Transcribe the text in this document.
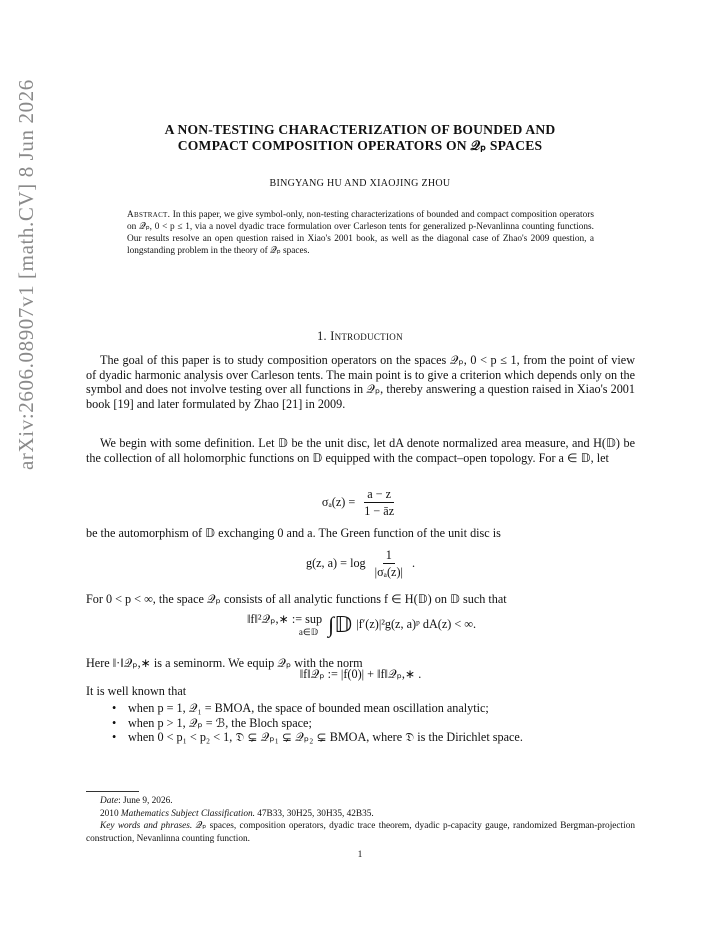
arXiv:2606.08907v1 [math.CV] 8 Jun 2026	A NON-TESTING CHARACTERIZATION OF BOUNDED AND
COMPACT COMPOSITION OPERATORS ON 𝒬ₚ SPACES
BINGYANG HU AND XIAOJING ZHOU
Abstract. In this paper, we give symbol-only, non-testing characterizations of bounded and compact composition operators on 𝒬ₚ, 0 < p ≤ 1, via a novel dyadic trace formulation over Carleson tents for generalized p-Nevanlinna counting functions. Our results resolve an open question raised in Xiao's 2001 book, as well as the diagonal case of Zhao's 2009 question, a longstanding problem in the theory of 𝒬ₚ spaces.
1. Introduction

The goal of this paper is to study composition operators on the spaces 𝒬ₚ, 0 < p ≤ 1, from the point of view of dyadic harmonic analysis over Carleson tents. The main point is to give a criterion which depends only on the symbol and does not involve testing over all functions in 𝒬ₚ, thereby answering a question raised in Xiao's 2001 book [19] and later formulated by Zhao [21] in 2009.

We begin with some definition. Let 𝔻 be the unit disc, let dA denote normalized area measure, and H(𝔻) be the collection of all holomorphic functions on 𝔻 equipped with the compact–open topology. For a ∈ 𝔻, let

$\sigma_a(z) = \frac{a - z}{1 - āz}$

be the automorphism of 𝔻 exchanging 0 and a. The Green function of the unit disc is

g(z, $a) = \log \frac{1}{\text{|σₐ(z)|}}$ .

For 0 < p < ∞, the space 𝒬ₚ consists of all analytic functions f ∈ H(𝔻) on 𝔻 such that

‖f‖²𝒬ₚ,∗ := sup
a∈𝔻 ∫𝔻 |f′(z)|²g(z, a)ᵖ dA(z) < ∞.

Here ‖·‖𝒬ₚ,∗ is a seminorm. We equip 𝒬ₚ with the norm

‖f‖𝒬ₚ := |f(0)| + ‖f‖𝒬ₚ,∗ .

It is well known that

• when p = 1, 𝒬₁ = BMOA, the space of bounded mean oscillation analytic;
• when p > 1, 𝒬ₚ = ℬ, the Bloch space;
• when 0 < p₁ < p₂ < 1, 𝔇 ⊊ 𝒬ₚ₁ ⊊ 𝒬ₚ₂ ⊊ BMOA, where 𝔇 is the Dirichlet space.
Date: June 9, 2026.
2010 Mathematics Subject Classification. 47B33, 30H25, 30H35, 42B35.
Key words and phrases. 𝒬ₚ spaces, composition operators, dyadic trace theorem, dyadic p-capacity gauge, randomized Bergman-projection construction, Nevanlinna counting function.
1
